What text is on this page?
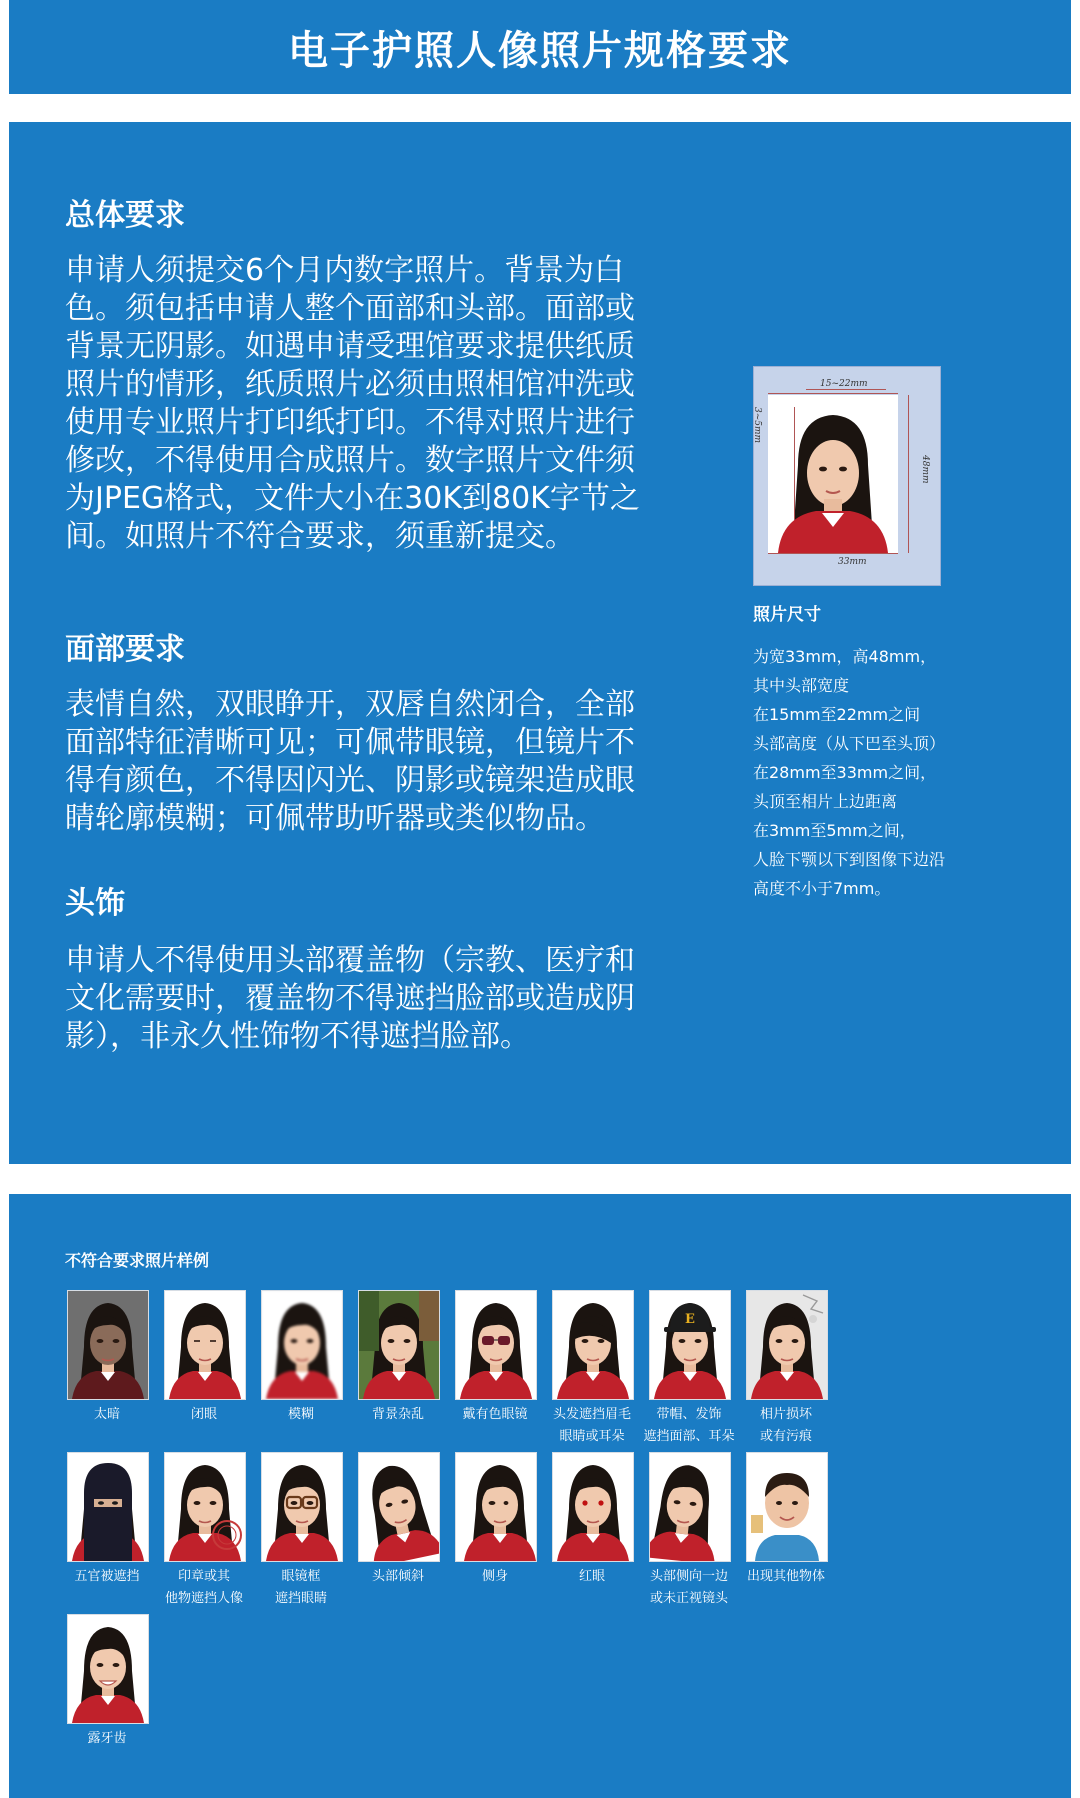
电子护照人像照片规格要求
总体要求

申请人须提交6个月内数字照片。背景为白
色。须包括申请人整个面部和头部。面部或
背景无阴影。如遇申请受理馆要求提供纸质
照片的情形，纸质照片必须由照相馆冲洗或
使用专业照片打印纸打印。不得对照片进行
修改，不得使用合成照片。数字照片文件须
为JPEG格式，文件大小在30K到80K字节之
间。如照片不符合要求，须重新提交。

面部要求

表情自然，双眼睁开，双唇自然闭合，全部
面部特征清晰可见；可佩带眼镜，但镜片不
得有颜色，不得因闪光、阴影或镜架造成眼
睛轮廓模糊；可佩带助听器或类似物品。

头饰

申请人不得使用头部覆盖物（宗教、医疗和
文化需要时，覆盖物不得遮挡脸部或造成阴
影），非永久性饰物不得遮挡脸部。

15~22mm
3~5mm
33mm
48mm

照片尺寸

为宽33mm，高48mm，
其中头部宽度
在15mm至22mm之间
头部高度（从下巴至头顶）
在28mm至33mm之间，
头顶至相片上边距离
在3mm至5mm之间，
人脸下颚以下到图像下边沿
高度不小于7mm。

不符合要求照片样例

太暗	闭眼	模糊	背景杂乱	戴有色眼镜	头发遮挡眉毛
眼睛或耳朵
E
带帽、发饰
遮挡面部、耳朵
相片损坏
或有污痕
五官被遮挡	印章或其
他物遮挡人像
眼镜框
遮挡眼睛
头部倾斜	侧身	红眼	头部侧向一边
或未正视镜头
出现其他物体
露牙齿
